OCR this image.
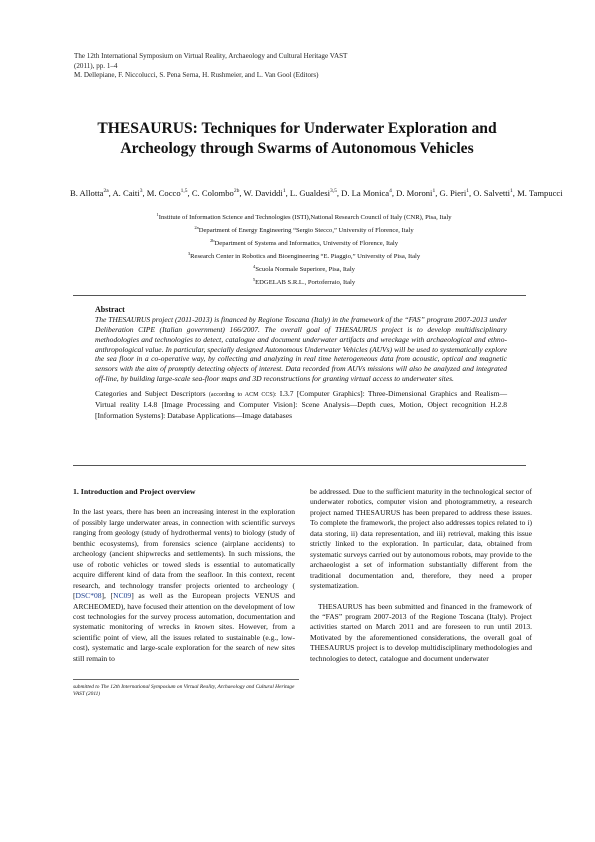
The 12th International Symposium on Virtual Reality, Archaeology and Cultural Heritage VAST
(2011), pp. 1–4
M. Dellepiane, F. Niccolucci, S. Pena Serna, H. Rushmeier, and L. Van Gool (Editors)
THESAURUS: Techniques for Underwater Exploration and
Archeology through Swarms of Autonomous Vehicles
B. Allotta$^{2a}$, A. Caiti$^3$, M. Cocco$^{1,5}$, C. Colombo$^{2b}$, W. Daviddi$^1$, L. Gualdesi$^{3,5}$, D. La Monica$^4$, D. Moroni$^1$, G. Pieri$^1$, O. Salvetti$^1$, M. Tampucci
$^1$Institute of Information Science and Technologies (ISTI),National Research Council of Italy (CNR), Pisa, Italy
$^{2a}$Department of Energy Engineering “Sergio Stecco,” University of Florence, Italy
$^{2b}$Department of Systems and Informatics, University of Florence, Italy
$^3$Research Center in Robotics and Bioengineering “E. Piaggio,” University of Pisa, Italy
$^4$Scuola Normale Superiore, Pisa, Italy
$^5$EDGELAB S.R.L., Portoferraio, Italy
Abstract
The THESAURUS project (2011-2013) is financed by Regione Toscana (Italy) in the framework of the “FAS” program 2007-2013 under Deliberation CIPE (Italian government) 166/2007. The overall goal of THESAURUS project is to develop multidisciplinary methodologies and technologies to detect, catalogue and document underwater artifacts and wreckage with archaeological and ethno-anthropological value. In particular, specially designed Autonomous Underwater Vehicles (AUVs) will be used to systematically explore the sea floor in a co-operative way, by collecting and analyzing in real time heterogeneous data from acoustic, optical and magnetic sensors with the aim of promptly detecting objects of interest. Data recorded from AUVs missions will also be analyzed and integrated off-line, by building large-scale sea-floor maps and 3D reconstructions for granting virtual access to underwater sites.
Categories and Subject Descriptors (according to ACM CCS): I.3.7 [Computer Graphics]: Three-Dimensional Graphics and Realism—Virtual reality I.4.8 [Image Processing and Computer Vision]: Scene Analysis—Depth cues, Motion, Object recognition H.2.8 [Information Systems]: Database Applications—Image databases

1. Introduction and Project overview

In the last years, there has been an increasing interest in the exploration of possibly large underwater areas, in connection with scientific surveys ranging from geology (study of hydrothermal vents) to biology (study of benthic ecosystems), from forensics science (airplane accidents) to archeology (ancient shipwrecks and settlements). In such missions, the use of robotic vehicles or towed sleds is essential to automatically acquire different kind of data from the seafloor. In this context, recent research, and technology transfer projects oriented to archeology ( [DSC*08], [NC09] as well as the European projects VENUS and ARCHEOMED), have focused their attention on the development of low cost technologies for the survey process automation, documentation and systematic monitoring of wrecks in known sites. However, from a scientific point of view, all the issues related to sustainable (e.g., low-cost), systematic and large-scale exploration for the search of new sites still remain to

be addressed. Due to the sufficient maturity in the technological sector of underwater robotics, computer vision and photogrammetry, a research project named THESAURUS has been prepared to address these issues. To complete the framework, the project also addresses topics related to i) data storing, ii) data representation, and iii) retrieval, making this issue strictly linked to the exploration. In particular, data, obtained from systematic surveys carried out by autonomous robots, may provide to the archaeologist a set of information substantially different from the traditional documentation and, therefore, they need a proper systematization.

THESAURUS has been submitted and financed in the framework of the “FAS” program 2007-2013 of the Regione Toscana (Italy). Project activities started on March 2011 and are foreseen to run until 2013. Motivated by the aforementioned considerations, the overall goal of THESAURUS project is to develop multidisciplinary methodologies and technologies to detect, catalogue and document underwater

submitted to The 12th International Symposium on Virtual Reality, Archaeology and Cultural Heritage VAST (2011)
